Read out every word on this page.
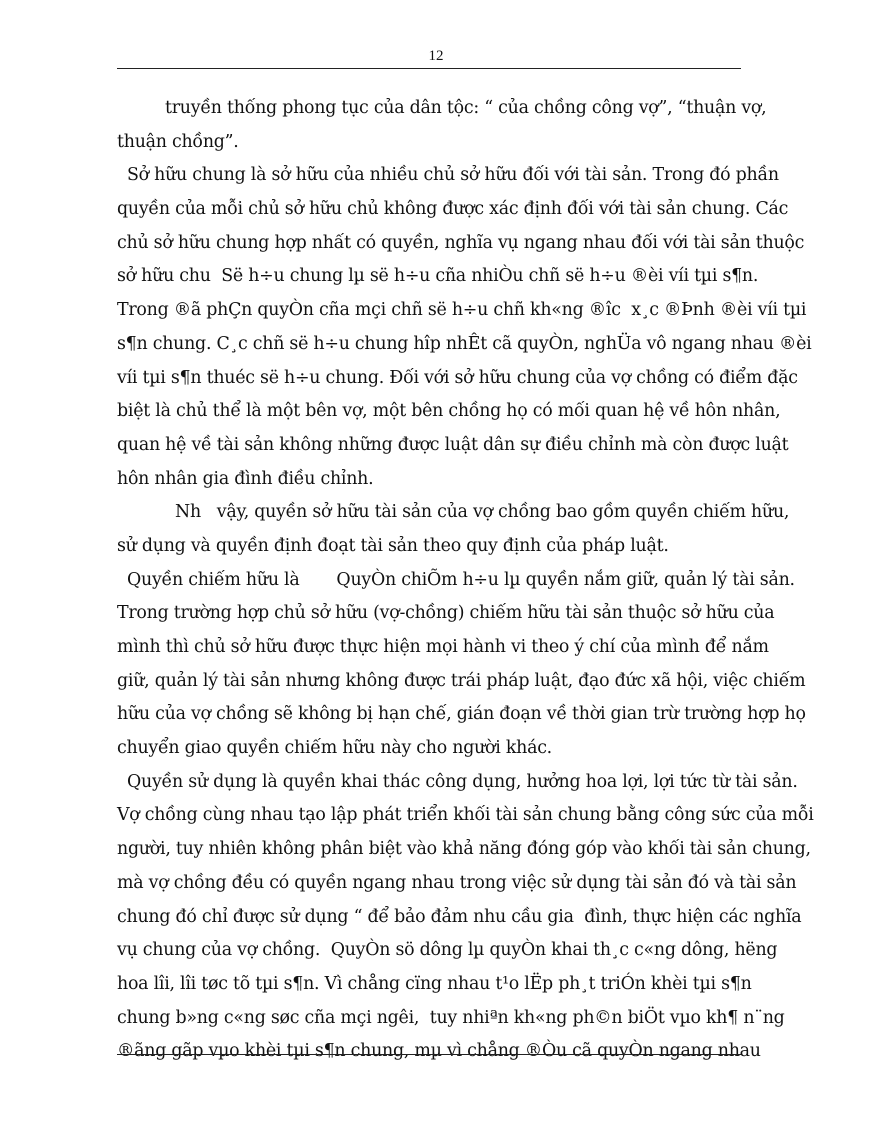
12
truyền thống phong tục của dân tộc: “ của chồng công vợ”, “thuận vợ,
thuận chồng”.
Sở hữu chung là sở hữu của nhiều chủ sở hữu đối với tài sản. Trong đó phần
quyền của mỗi chủ sở hữu chủ không được xác định đối với tài sản chung. Các
chủ sở hữu chung hợp nhất có quyền, nghĩa vụ ngang nhau đối với tài sản thuộc
sở hữu chu  Së h÷u chung lµ së h÷u cña nhiÒu chñ së h÷u ®èi víi tµi s¶n.
Trong ®ã phÇn quyÒn cña mçi chñ së h÷u chñ kh«ng ®îc  x¸c ®Þnh ®èi víi tµi
s¶n chung. C¸c chñ së h÷u chung hîp nhÊt cã quyÒn, nghÜa vô ngang nhau ®èi
víi tµi s¶n thuéc së h÷u chung. Đối với sở hữu chung của vợ chồng có điểm đặc
biệt là chủ thể là một bên vợ, một bên chồng họ có mối quan hệ về hôn nhân,
quan hệ về tài sản không những được luật dân sự điều chỉnh mà còn được luật
hôn nhân gia đình điều chỉnh.
Nh   vậy, quyền sở hữu tài sản của vợ chồng bao gồm quyền chiếm hữu,
sử dụng và quyền định đoạt tài sản theo quy định của pháp luật.
Quyền chiếm hữu là       QuyÒn chiÕm h÷u lµ quyền nắm giữ, quản lý tài sản.
Trong trường hợp chủ sở hữu (vợ-chồng) chiếm hữu tài sản thuộc sở hữu của
mình thì chủ sở hữu được thực hiện mọi hành vi theo ý chí của mình để nắm
giữ, quản lý tài sản nhưng không được trái pháp luật, đạo đức xã hội, việc chiếm
hữu của vợ chồng sẽ không bị hạn chế, gián đoạn về thời gian trừ trường hợp họ
chuyển giao quyền chiếm hữu này cho người khác.
Quyền sử dụng là quyền khai thác công dụng, hưởng hoa lợi, lợi tức từ tài sản.
Vợ chồng cùng nhau tạo lập phát triển khối tài sản chung bằng công sức của mỗi
người, tuy nhiên không phân biệt vào khả năng đóng góp vào khối tài sản chung,
mà vợ chồng đều có quyền ngang nhau trong việc sử dụng tài sản đó và tài sản
chung đó chỉ được sử dụng “ để bảo đảm nhu cầu gia  đình, thực hiện các nghĩa
vụ chung của vợ chồng.  QuyÒn sö dông lµ quyÒn khai th¸c c«ng dông, hëng
hoa lîi, lîi tøc tõ tµi s¶n. Vì chång cïng nhau t¹o lËp ph¸t triÓn khèi tµi s¶n
chung b»ng c«ng søc cña mçi ngêi,  tuy nhiªn kh«ng ph©n biÖt vµo kh¶ n¨ng
®ãng gãp vµo khèi tµi s¶n chung, mµ vì chång ®Òu cã quyÒn ngang nhau
